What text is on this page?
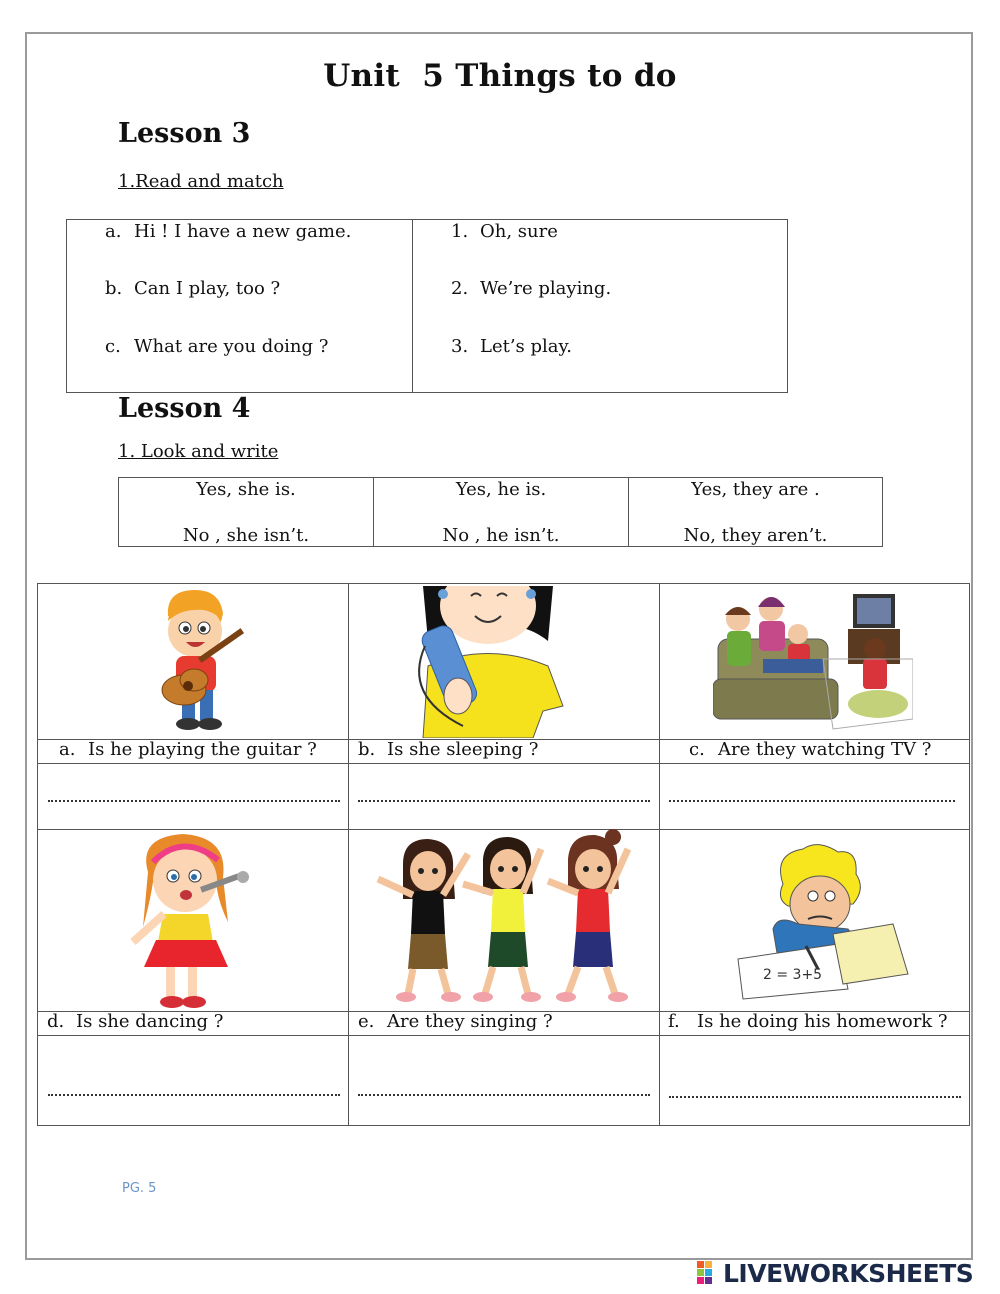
Unit  5 Things to do
Lesson 3
1.Read and match
a. Hi ! I have a new game.
b. Can I play, too ?
c. What are you doing ?
1. Oh, sure
2. We’re playing.
3. Let’s play.
Lesson 4
1. Look and write
Yes, she is.
No , she isn’t.
Yes, he is.
No , he isn’t.
Yes, they are .
No, they aren’t.
2 = 3+5
a. Is he playing the guitar ? b. Is she sleeping ?	c. Are they watching TV ?
d. Is she dancing ?	e. Are they singing ?	f. Is he doing his homework ?
PG. 5
LIVEWORKSHEETS
